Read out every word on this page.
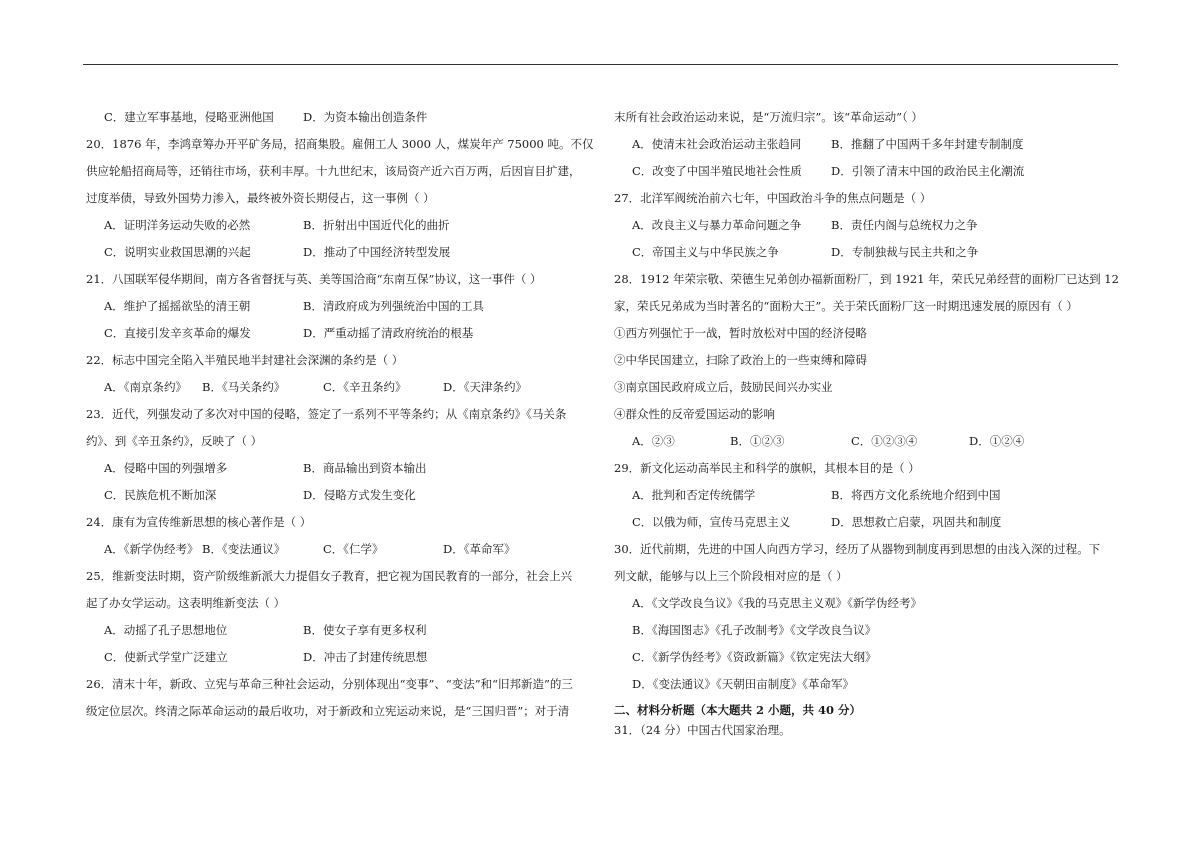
C．建立军事基地，侵略亚洲他国	D．为资本输出创造条件
20．1876 年，李鸿章筹办开平矿务局，招商集股。雇佣工人 3000 人，煤炭年产 75000 吨。不仅
供应轮船招商局等，还销往市场，获利丰厚。十九世纪末，该局资产近六百万两，后因盲目扩建，
过度举债，导致外国势力渗入，最终被外资长期侵占，这一事例（ ）
A．证明洋务运动失败的必然	B．折射出中国近代化的曲折
C．说明实业救国思潮的兴起	D．推动了中国经济转型发展
21．八国联军侵华期间，南方各省督抚与英、美等国洽商“东南互保”协议，这一事件（ ）
A．维护了摇摇欲坠的清王朝	B．清政府成为列强统治中国的工具
C．直接引发辛亥革命的爆发	D．严重动摇了清政府统治的根基
22．标志中国完全陷入半殖民地半封建社会深渊的条约是（ ）
A．《南京条约》	B．《马关条约》	C．《辛丑条约》	D．《天津条约》
23．近代，列强发动了多次对中国的侵略，签定了一系列不平等条约；从《南京条约》《马关条
约》、到《辛丑条约》，反映了（ ）
A．侵略中国的列强增多	B．商品输出到资本输出
C．民族危机不断加深	D．侵略方式发生变化
24．康有为宣传维新思想的核心著作是（ ）
A．《新学伪经考》 B．《变法通议》	C．《仁学》	D．《革命军》
25．维新变法时期，资产阶级维新派大力提倡女子教育，把它视为国民教育的一部分，社会上兴
起了办女学运动。这表明维新变法（ ）
A．动摇了孔子思想地位	B．使女子享有更多权利
C．使新式学堂广泛建立	D．冲击了封建传统思想
26．清末十年，新政、立宪与革命三种社会运动，分别体现出“变事”、“变法”和“旧邦新造”的三
级定位层次。终清之际革命运动的最后收功，对于新政和立宪运动来说，是“三国归晋”；对于清
末所有社会政治运动来说，是“万流归宗”。该“革命运动”（ ）
A．使清末社会政治运动主张趋同	B．推翻了中国两千多年封建专制制度
C．改变了中国半殖民地社会性质	D．引领了清末中国的政治民主化潮流
27．北洋军阀统治前六七年，中国政治斗争的焦点问题是（ ）
A．改良主义与暴力革命问题之争	B．责任内阁与总统权力之争
C．帝国主义与中华民族之争	D．专制独裁与民主共和之争
28．1912 年荣宗敬、荣德生兄弟创办福新面粉厂，到 1921 年，荣氏兄弟经营的面粉厂已达到 12
家，荣氏兄弟成为当时著名的“面粉大王”。关于荣氏面粉厂这一时期迅速发展的原因有（ ）
①西方列强忙于一战，暂时放松对中国的经济侵略
②中华民国建立，扫除了政治上的一些束缚和障碍
③南京国民政府成立后，鼓励民间兴办实业
④群众性的反帝爱国运动的影响
A．②③	B．①②③	C．①②③④	D．①②④
29．新文化运动高举民主和科学的旗帜，其根本目的是（ ）
A．批判和否定传统儒学	B．将西方文化系统地介绍到中国
C．以俄为师，宣传马克思主义	D．思想救亡启蒙，巩固共和制度
30．近代前期，先进的中国人向西方学习，经历了从器物到制度再到思想的由浅入深的过程。下
列文献，能够与以上三个阶段相对应的是（ ）
A．《文学改良刍议》《我的马克思主义观》《新学伪经考》
B．《海国图志》《孔子改制考》《文学改良刍议》
C．《新学伪经考》《资政新篇》《钦定宪法大纲》
D．《变法通议》《天朝田亩制度》《革命军》
二、材料分析题（本大题共 2 小题，共 40 分）
31．（24 分）中国古代国家治理。
